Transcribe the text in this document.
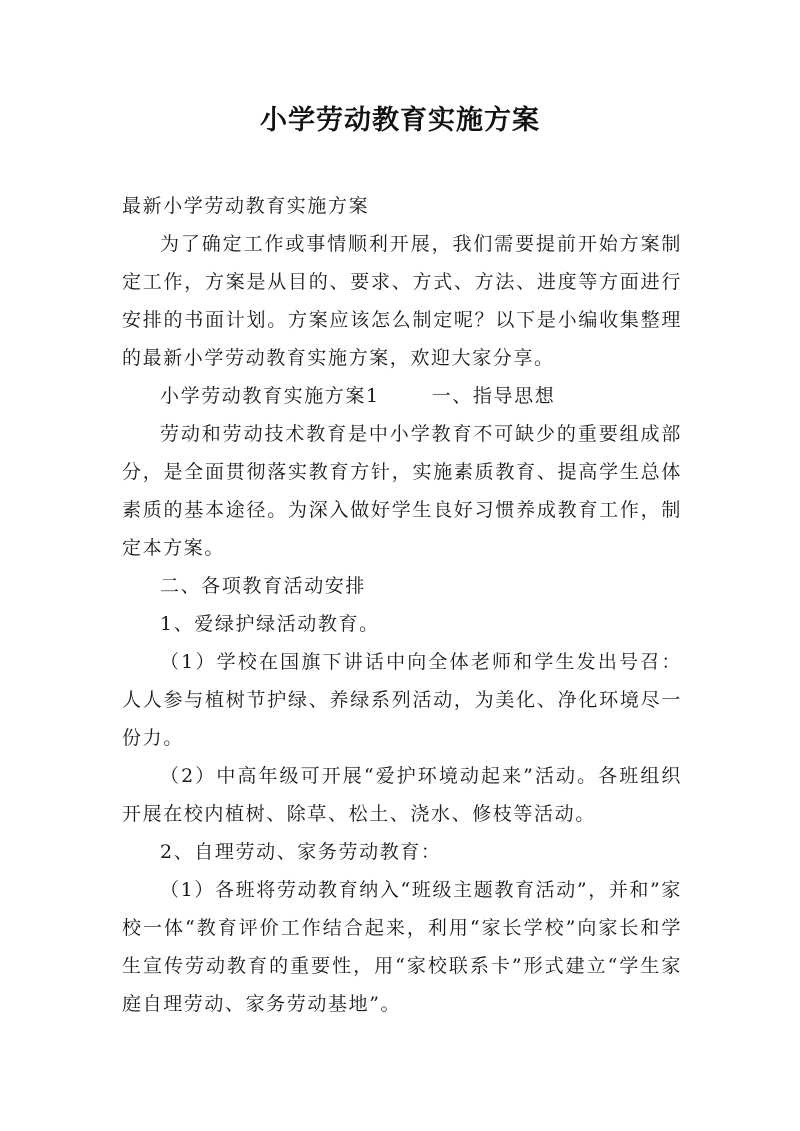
小学劳动教育实施方案

最新小学劳动教育实施方案

为了确定工作或事情顺利开展，我们需要提前开始方案制定工作，方案是从目的、要求、方式、方法、进度等方面进行安排的书面计划。方案应该怎么制定呢？以下是小编收集整理的最新小学劳动教育实施方案，欢迎大家分享。

小学劳动教育实施方案1	一、指导思想

劳动和劳动技术教育是中小学教育不可缺少的重要组成部分，是全面贯彻落实教育方针，实施素质教育、提高学生总体素质的基本途径。为深入做好学生良好习惯养成教育工作，制定本方案。

二、各项教育活动安排

1、爱绿护绿活动教育。

（1）学校在国旗下讲话中向全体老师和学生发出号召：人人参与植树节护绿、养绿系列活动，为美化、净化环境尽一份力。

（2）中高年级可开展“爱护环境动起来”活动。各班组织开展在校内植树、除草、松土、浇水、修枝等活动。

2、自理劳动、家务劳动教育：

（1）各班将劳动教育纳入“班级主题教育活动”，并和”家校一体“教育评价工作结合起来，利用“家长学校”向家长和学生宣传劳动教育的重要性，用“家校联系卡”形式建立“学生家庭自理劳动、家务劳动基地”。
